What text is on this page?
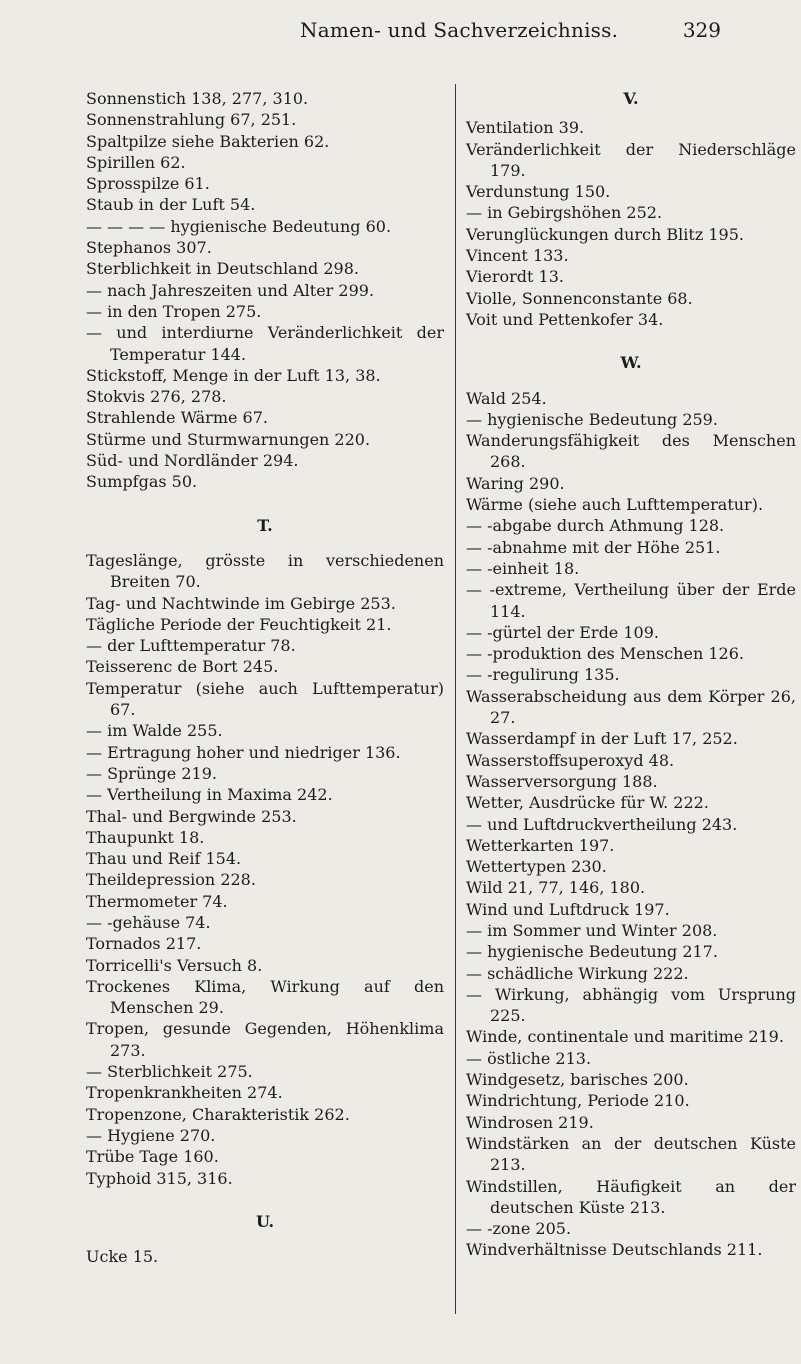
Namen- und Sachverzeichniss.	329
Sonnenstich 138, 277, 310.
Sonnenstrahlung 67, 251.
Spaltpilze siehe Bakterien 62.
Spirillen 62.
Sprosspilze 61.
Staub in der Luft 54.
— — — — hygienische Bedeutung 60.
Stephanos 307.
Sterblichkeit in Deutschland 298.
— nach Jahreszeiten und Alter 299.
— in den Tropen 275.
— und interdiurne Veränderlichkeit der Temperatur 144.
Stickstoff, Menge in der Luft 13, 38.
Stokvis 276, 278.
Strahlende Wärme 67.
Stürme und Sturmwarnungen 220.
Süd- und Nordländer 294.
Sumpfgas 50.
T.
Tageslänge, grösste in verschiedenen Breiten 70.
Tag- und Nachtwinde im Gebirge 253.
Tägliche Periode der Feuchtigkeit 21.
— der Lufttemperatur 78.
Teisserenc de Bort 245.
Temperatur (siehe auch Lufttemperatur) 67.
— im Walde 255.
— Ertragung hoher und niedriger 136.
— Sprünge 219.
— Vertheilung in Maxima 242.
Thal- und Bergwinde 253.
Thaupunkt 18.
Thau und Reif 154.
Theildepression 228.
Thermometer 74.
— -gehäuse 74.
Tornados 217.
Torricelli's Versuch 8.
Trockenes Klima, Wirkung auf den Menschen 29.
Tropen, gesunde Gegenden, Höhenklima 273.
— Sterblichkeit 275.
Tropenkrankheiten 274.
Tropenzone, Charakteristik 262.
— Hygiene 270.
Trübe Tage 160.
Typhoid 315, 316.
U.
Ucke 15.
V.
Ventilation 39.
Veränderlichkeit der Niederschläge 179.
Verdunstung 150.
— in Gebirgshöhen 252.
Verunglückungen durch Blitz 195.
Vincent 133.
Vierordt 13.
Violle, Sonnenconstante 68.
Voit und Pettenkofer 34.
W.
Wald 254.
— hygienische Bedeutung 259.
Wanderungsfähigkeit des Menschen 268.
Waring 290.
Wärme (siehe auch Lufttemperatur).
— -abgabe durch Athmung 128.
— -abnahme mit der Höhe 251.
— -einheit 18.
— -extreme, Vertheilung über der Erde 114.
— -gürtel der Erde 109.
— -produktion des Menschen 126.
— -regulirung 135.
Wasserabscheidung aus dem Körper 26, 27.
Wasserdampf in der Luft 17, 252.
Wasserstoffsuperoxyd 48.
Wasserversorgung 188.
Wetter, Ausdrücke für W. 222.
— und Luftdruckvertheilung 243.
Wetterkarten 197.
Wettertypen 230.
Wild 21, 77, 146, 180.
Wind und Luftdruck 197.
— im Sommer und Winter 208.
— hygienische Bedeutung 217.
— schädliche Wirkung 222.
— Wirkung, abhängig vom Ursprung 225.
Winde, continentale und maritime 219.
— östliche 213.
Windgesetz, barisches 200.
Windrichtung, Periode 210.
Windrosen 219.
Windstärken an der deutschen Küste 213.
Windstillen, Häufigkeit an der deutschen Küste 213.
— -zone 205.
Windverhältnisse Deutschlands 211.
